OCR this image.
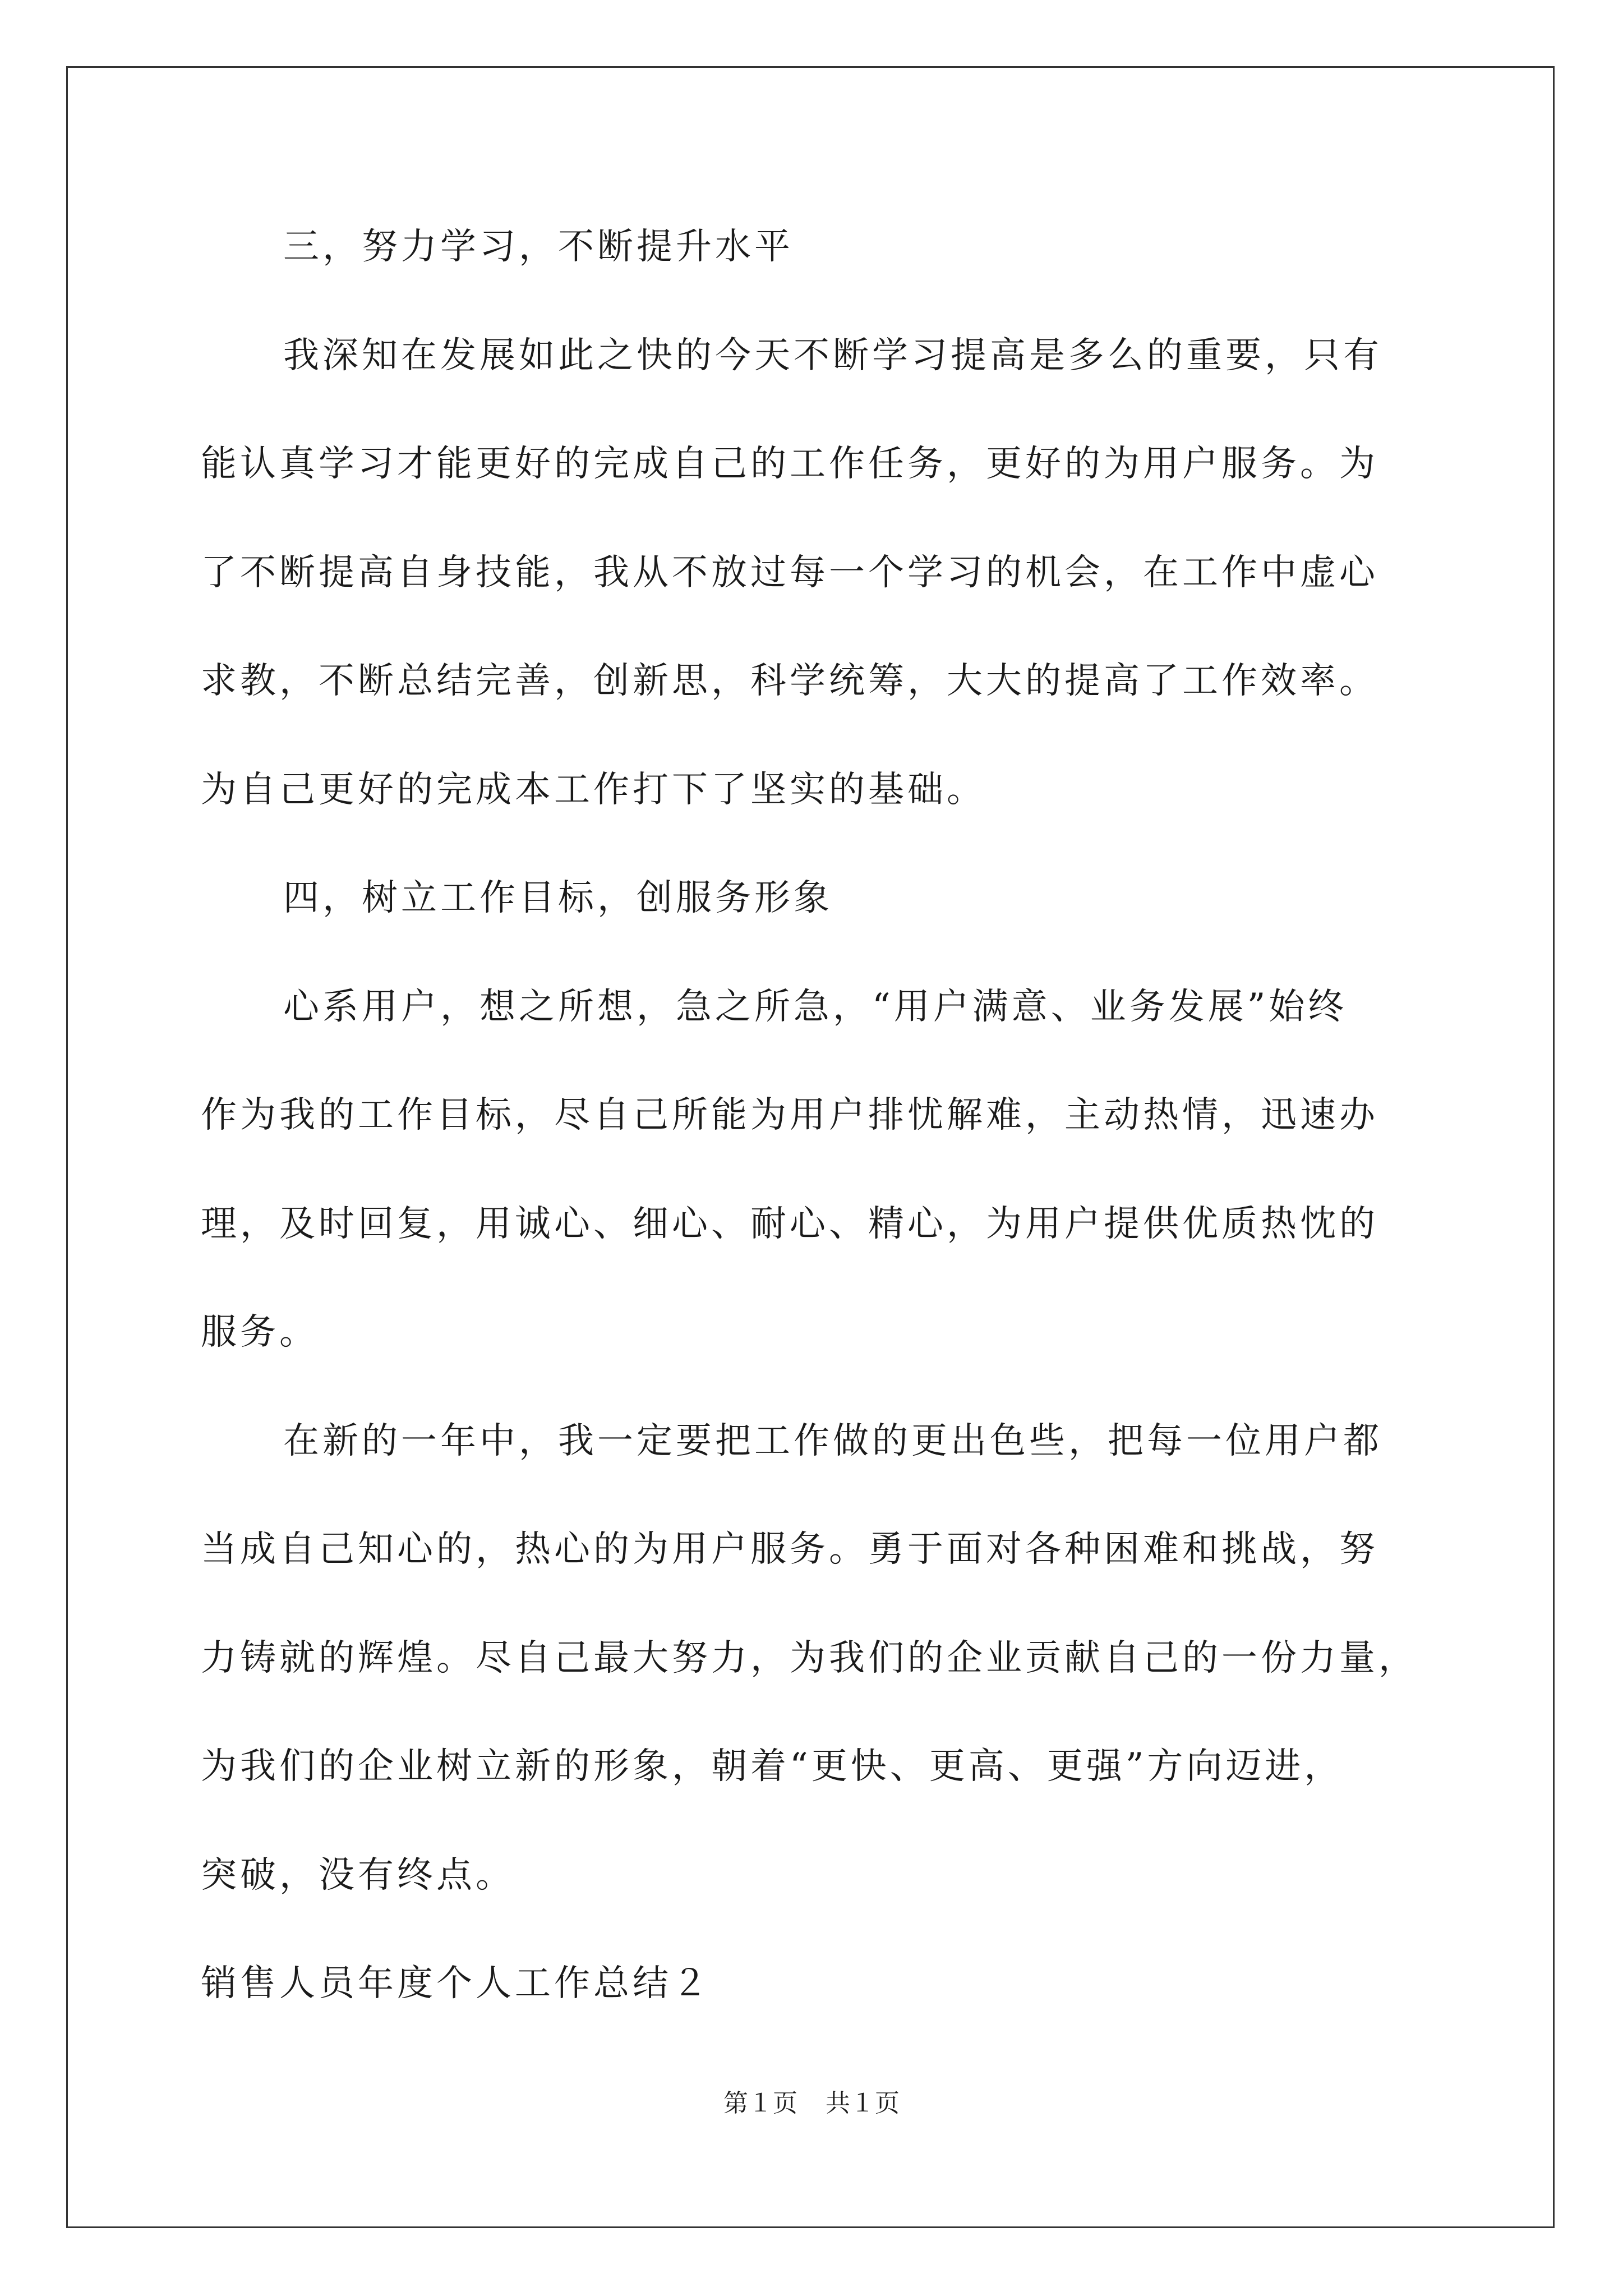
三，努力学习，不断提升水平
我深知在发展如此之快的今天不断学习提高是多么的重要，只有
能认真学习才能更好的完成自己的工作任务，更好的为用户服务。为
了不断提高自身技能，我从不放过每一个学习的机会，在工作中虚心
求教，不断总结完善，创新思，科学统筹，大大的提高了工作效率。
为自己更好的完成本工作打下了坚实的基础。
四，树立工作目标，创服务形象
心系用户，想之所想，急之所急，“用户满意、业务发展”始终
作为我的工作目标，尽自己所能为用户排忧解难，主动热情，迅速办
理，及时回复，用诚心、细心、耐心、精心，为用户提供优质热忱的
服务。
在新的一年中，我一定要把工作做的更出色些，把每一位用户都
当成自己知心的，热心的为用户服务。勇于面对各种困难和挑战，努
力铸就的辉煌。尽自己最大努力，为我们的企业贡献自己的一份力量，
为我们的企业树立新的形象，朝着“更快、更高、更强”方向迈进，
突破，没有终点。
销售人员年度个人工作总结２
第１页 共１页
